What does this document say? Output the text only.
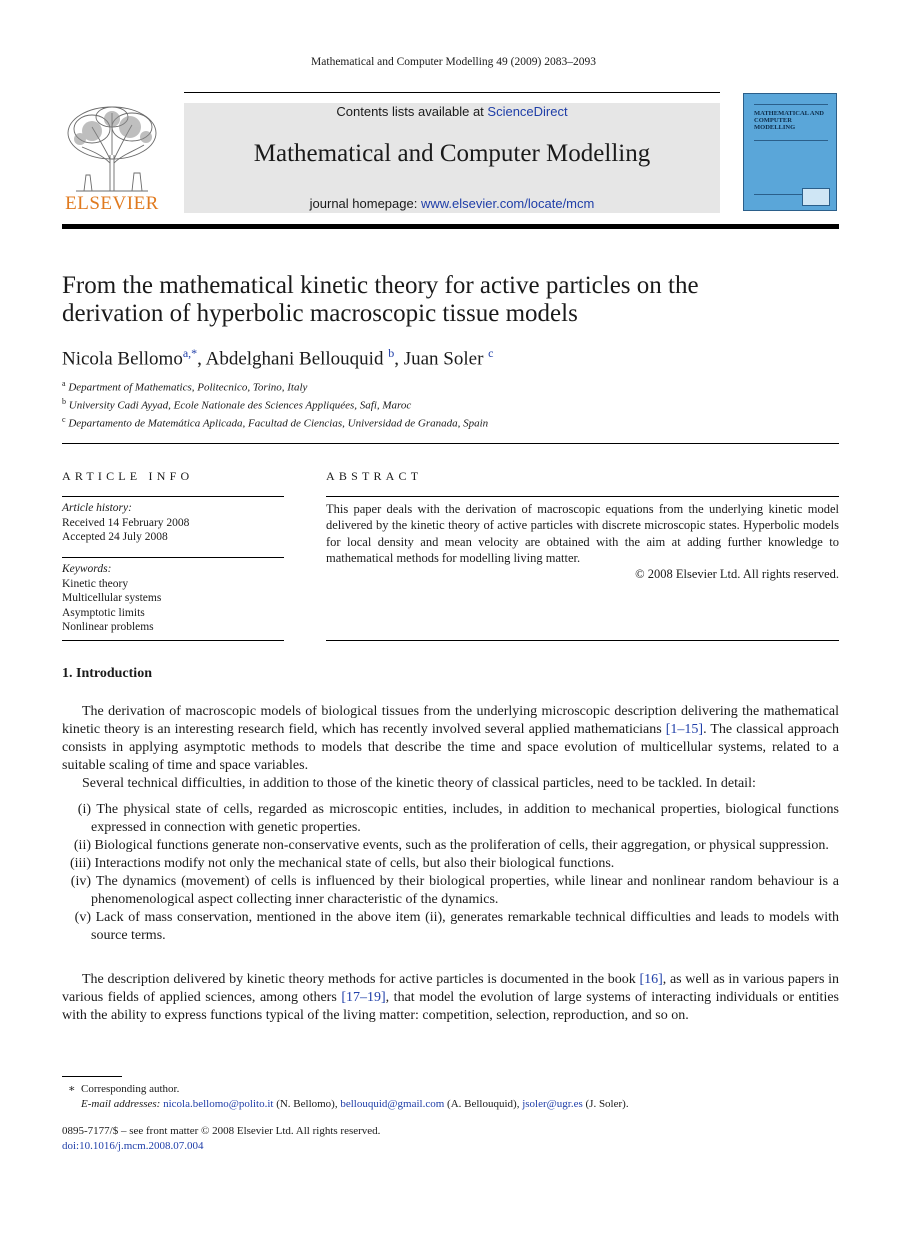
Mathematical and Computer Modelling 49 (2009) 2083–2093
ELSEVIER
Contents lists available at ScienceDirect
Mathematical and Computer Modelling
journal homepage: www.elsevier.com/locate/mcm
MATHEMATICAL AND COMPUTER MODELLING
From the mathematical kinetic theory for active particles on the
derivation of hyperbolic macroscopic tissue models
Nicola Bellomo$^{a,*}$, Abdelghani Bellouquid $^b$, Juan Soler $^c$
$^a$ Department of Mathematics, Politecnico, Torino, Italy
$^b$ University Cadi Ayyad, Ecole Nationale des Sciences Appliquées, Safi, Maroc
$^c$ Departamento de Matemática Aplicada, Facultad de Ciencias, Universidad de Granada, Spain
ARTICLE INFO
Article history:
Received 14 February 2008
Accepted 24 July 2008
Keywords:
Kinetic theory
Multicellular systems
Asymptotic limits
Nonlinear problems
ABSTRACT
This paper deals with the derivation of macroscopic equations from the underlying kinetic model delivered by the kinetic theory of active particles with discrete microscopic states. Hyperbolic models for local density and mean velocity are obtained with the aim at adding further knowledge to mathematical methods for modelling living matter.
© 2008 Elsevier Ltd. All rights reserved.
1. Introduction
The derivation of macroscopic models of biological tissues from the underlying microscopic description delivering the mathematical kinetic theory is an interesting research field, which has recently involved several applied mathematicians [1–15]. The classical approach consists in applying asymptotic methods to models that describe the time and space evolution of multicellular systems, related to a suitable scaling of time and space variables.
Several technical difficulties, in addition to those of the kinetic theory of classical particles, need to be tackled. In detail:
(i) The physical state of cells, regarded as microscopic entities, includes, in addition to mechanical properties, biological functions expressed in connection with genetic properties.
(ii) Biological functions generate non-conservative events, such as the proliferation of cells, their aggregation, or physical suppression.
(iii) Interactions modify not only the mechanical state of cells, but also their biological functions.
(iv) The dynamics (movement) of cells is influenced by their biological properties, while linear and nonlinear random behaviour is a phenomenological aspect collecting inner characteristic of the dynamics.
(v) Lack of mass conservation, mentioned in the above item (ii), generates remarkable technical difficulties and leads to models with source terms.
The description delivered by kinetic theory methods for active particles is documented in the book [16], as well as in various papers in various fields of applied sciences, among others [17–19], that model the evolution of large systems of interacting individuals or entities with the ability to express functions typical of the living matter: competition, selection, reproduction, and so on.
∗ Corresponding author.
E-mail addresses: nicola.bellomo@polito.it (N. Bellomo), bellouquid@gmail.com (A. Bellouquid), jsoler@ugr.es (J. Soler).
0895-7177/$ – see front matter © 2008 Elsevier Ltd. All rights reserved.
doi:10.1016/j.mcm.2008.07.004
